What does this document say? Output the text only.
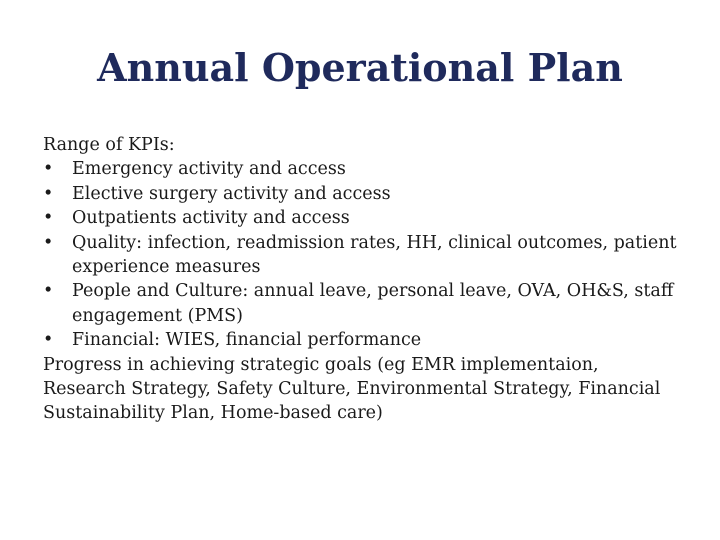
Annual Operational Plan

Range of KPIs:

• Emergency activity and access
• Elective surgery activity and access
• Outpatients activity and access
• Quality: infection, readmission rates, HH, clinical outcomes, patient experience measures
• People and Culture: annual leave, personal leave, OVA, OH&S, staff engagement (PMS)
• Financial: WIES, financial performance

Progress in achieving strategic goals (eg EMR implementaion, Research Strategy, Safety Culture, Environmental Strategy, Financial Sustainability Plan, Home-based care)
